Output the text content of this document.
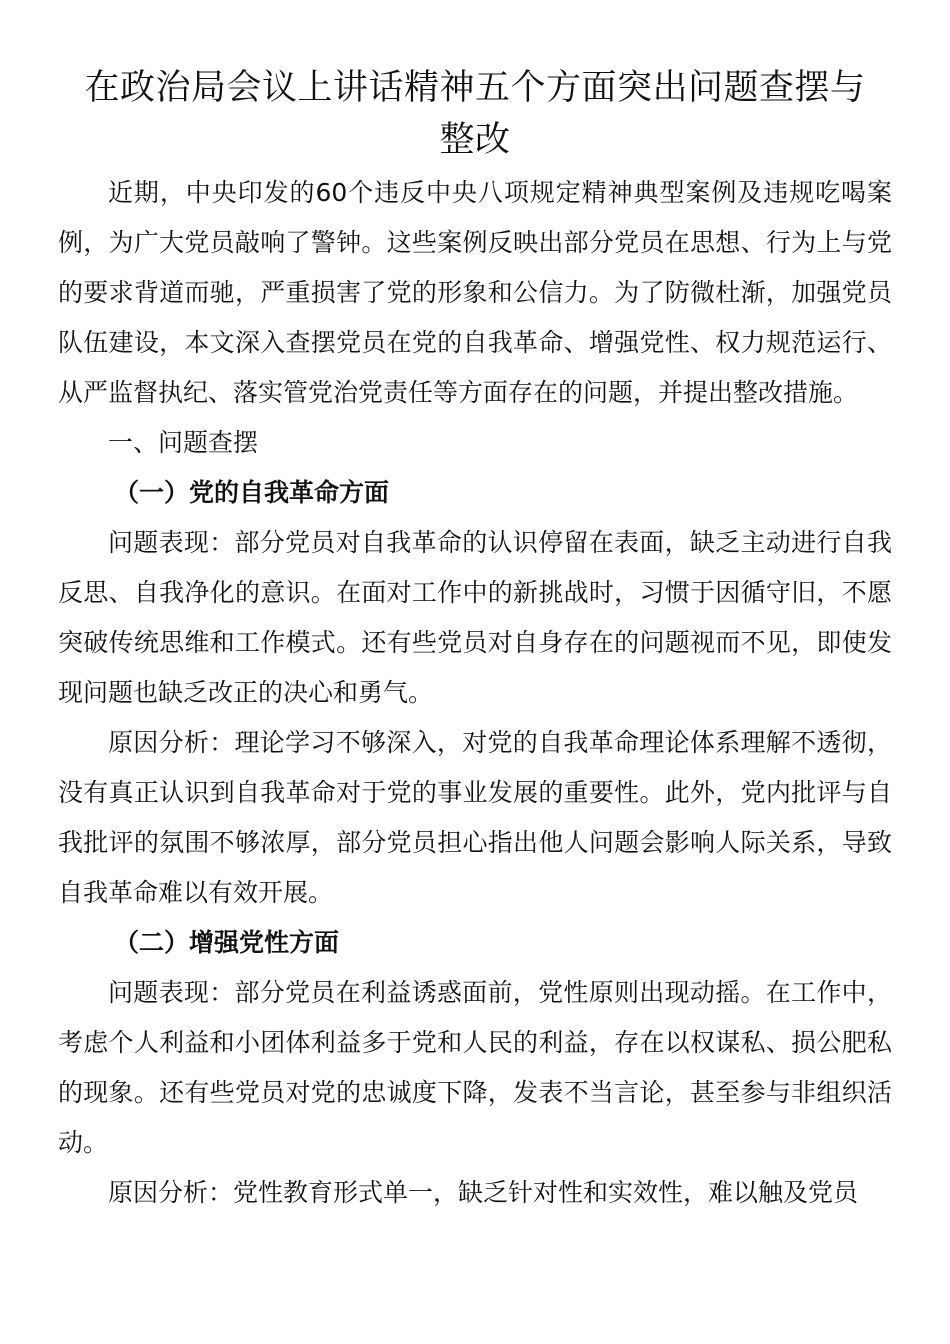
在政治局会议上讲话精神五个方面突出问题查摆与整改

近期，中央印发的60个违反中央八项规定精神典型案例及违规吃喝案例，为广大党员敲响了警钟。这些案例反映出部分党员在思想、行为上与党的要求背道而驰，严重损害了党的形象和公信力。为了防微杜渐，加强党员队伍建设，本文深入查摆党员在党的自我革命、增强党性、权力规范运行、从严监督执纪、落实管党治党责任等方面存在的问题，并提出整改措施。

一、问题查摆

（一）党的自我革命方面

问题表现：部分党员对自我革命的认识停留在表面，缺乏主动进行自我反思、自我净化的意识。在面对工作中的新挑战时，习惯于因循守旧，不愿突破传统思维和工作模式。还有些党员对自身存在的问题视而不见，即使发现问题也缺乏改正的决心和勇气。

原因分析：理论学习不够深入，对党的自我革命理论体系理解不透彻，没有真正认识到自我革命对于党的事业发展的重要性。此外，党内批评与自我批评的氛围不够浓厚，部分党员担心指出他人问题会影响人际关系，导致自我革命难以有效开展。

（二）增强党性方面

问题表现：部分党员在利益诱惑面前，党性原则出现动摇。在工作中，考虑个人利益和小团体利益多于党和人民的利益，存在以权谋私、损公肥私的现象。还有些党员对党的忠诚度下降，发表不当言论，甚至参与非组织活动。

原因分析：党性教育形式单一，缺乏针对性和实效性，难以触及党员
